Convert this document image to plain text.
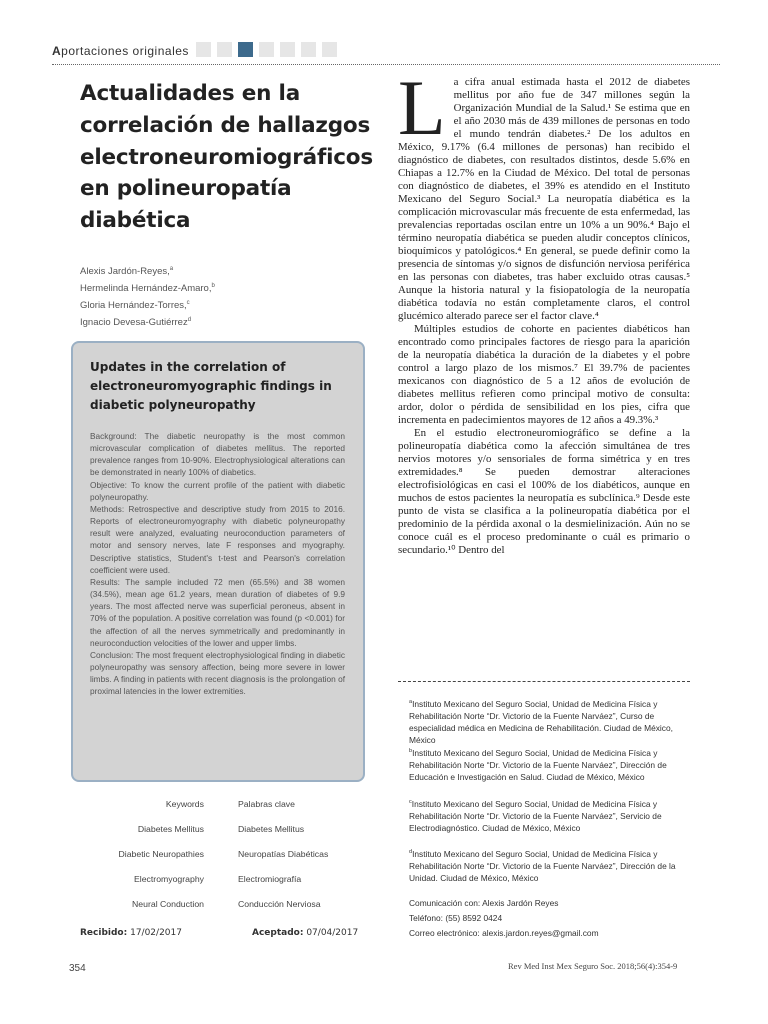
Aportaciones originales
Actualidades en la correlación de hallazgos electroneuromiográficos en polineuropatía diabética
Alexis Jardón-Reyes,$^a$
Hermelinda Hernández-Amaro,$^b$
Gloria Hernández-Torres,$^c$
Ignacio Devesa-Gutiérrez$^d$
Updates in the correlation of electroneuromyographic findings in diabetic polyneuropathy

Background: The diabetic neuropathy is the most common microvascular complication of diabetes mellitus. The reported prevalence ranges from 10-90%. Electrophysiological alterations can be demonstrated in nearly 100% of diabetics.

Objective: To know the current profile of the patient with diabetic polyneuropathy.

Methods: Retrospective and descriptive study from 2015 to 2016. Reports of electroneuromyography with diabetic polyneuropathy result were analyzed, evaluating neuroconduction parameters of motor and sensory nerves, late F responses and myography. Descriptive statistics, Student's t-test and Pearson's correlation coefficient were used.

Results: The sample included 72 men (65.5%) and 38 women (34.5%), mean age 61.2 years, mean duration of diabetes of 9.9 years. The most affected nerve was superficial peroneus, absent in 70% of the population. A positive correlation was found (p <0.001) for the affection of all the nerves symmetrically and predominantly in neuroconduction velocities of the lower and upper limbs.

Conclusion: The most frequent electrophysiological finding in diabetic polyneuropathy was sensory affection, being more severe in lower limbs. A finding in patients with recent diagnosis is the prolongation of proximal latencies in the lower extremities.

Keywords	Palabras clave
Diabetes Mellitus	Diabetes Mellitus
Diabetic Neuropathies	Neuropatías Diabéticas
Electromyography	Electromiografía
Neural Conduction	Conducción Nerviosa
Recibido: 17/02/2017	Aceptado: 07/04/2017

La cifra anual estimada hasta el 2012 de diabetes mellitus por año fue de 347 millones según la Organización Mundial de la Salud.¹ Se estima que en el año 2030 más de 439 millones de personas en todo el mundo tendrán diabetes.² De los adultos en México, 9.17% (6.4 millones de personas) han recibido el diagnóstico de diabetes, con resultados distintos, desde 5.6% en Chiapas a 12.7% en la Ciudad de México. Del total de personas con diagnóstico de diabetes, el 39% es atendido en el Instituto Mexicano del Seguro Social.³ La neuropatía diabética es la complicación microvascular más frecuente de esta enfermedad, las prevalencias reportadas oscilan entre un 10% a un 90%.⁴ Bajo el término neuropatía diabética se pueden aludir conceptos clínicos, bioquímicos y patológicos.⁴ En general, se puede definir como la presencia de síntomas y/o signos de disfunción nerviosa periférica en las personas con diabetes, tras haber excluido otras causas.⁵ Aunque la historia natural y la fisiopatología de la neuropatía diabética todavía no están completamente claros, el control glucémico alterado parece ser el factor clave.⁴

Múltiples estudios de cohorte en pacientes diabéticos han encontrado como principales factores de riesgo para la aparición de la neuropatía diabética la duración de la diabetes y el pobre control a largo plazo de los mismos.⁷ El 39.7% de pacientes mexicanos con diagnóstico de 5 a 12 años de evolución de diabetes mellitus refieren como principal motivo de consulta: ardor, dolor o pérdida de sensibilidad en los pies, cifra que incrementa en padecimientos mayores de 12 años a 49.3%.³

En el estudio electroneuromiográfico se define a la polineuropatía diabética como la afección simultánea de tres nervios motores y/o sensoriales de forma simétrica y en tres extremidades.⁸ Se pueden demostrar alteraciones electrofisiológicas en casi el 100% de los diabéticos, aunque en muchos de estos pacientes la neuropatía es subclínica.⁹ Desde este punto de vista se clasifica a la polineuropatía diabética por el predominio de la pérdida axonal o la desmielinización. Aún no se conoce cuál es el proceso predominante o cuál es primario o secundario.¹⁰ Dentro del

$^a$Instituto Mexicano del Seguro Social, Unidad de Medicina Física y Rehabilitación Norte “Dr. Victorio de la Fuente Narváez”, Curso de especialidad médica en Medicina de Rehabilitación. Ciudad de México, México

$^b$Instituto Mexicano del Seguro Social, Unidad de Medicina Física y Rehabilitación Norte “Dr. Victorio de la Fuente Narváez”, Dirección de Educación e Investigación en Salud. Ciudad de México, México

$^c$Instituto Mexicano del Seguro Social, Unidad de Medicina Física y Rehabilitación Norte “Dr. Victorio de la Fuente Narváez”, Servicio de Electrodiagnóstico. Ciudad de México, México

$^d$Instituto Mexicano del Seguro Social, Unidad de Medicina Física y Rehabilitación Norte “Dr. Victorio de la Fuente Narváez”, Dirección de la Unidad. Ciudad de México, México

Comunicación con: Alexis Jardón Reyes
Teléfono: (55) 8592 0424
Correo electrónico: alexis.jardon.reyes@gmail.com
354	Rev Med Inst Mex Seguro Soc. 2018;56(4):354-9
